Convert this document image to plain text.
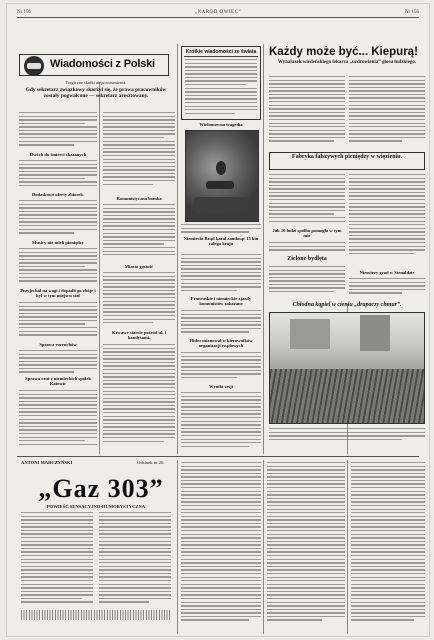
Nr 156	„NAROD OWIEC”	Nr 156
Wiadomości z Polski
Tragiczne skutki nieporozumienia.
Gdy sekretarz związkowy skarżył się, że prawa pracowników zostały pogwałcone — sekretarz aresztowany.
Dwóch do śmierci skazanych
Dodatkowe oferty zbiorek.
Musicy nie mieli pieniędzy
Przyjechał na wagi i dopadli go zbóje i był w tym miejscu stał
Sprawa rozruchów
Sprawa rzut z niemieckich spółek Katowic
Komunistyczna bomba
Miasto gęstość
Krwawe starcie pośród ul. i bandytami.
Krótkie wiadomości ze świata
Wielomowna tragedia
Niemiecki Rząd kazał zamknąć 15 kin całego kraju
Francuskie i niemieckie zjazdy komunistów zakazane
Hitler mianował w kierowników organizacji rządowych
Wyniki sesji
Każdy może być... Kiepurą!
Wynalazek wiedeńskiego lekarza „uzdrowienia” głosu ludzkiego.
Fabryka fałszywych pieniędzy w więzieniu.
Jak 10 ludzi spółka pomogła w tym mie
Zielone bydlęta
Nieostrzy grad w Stenaldzie
Chłodna kąpiel w cieniu „drapaczy chmur”.
ANTONI MARCZYŃSKI	Odcinek nr 20.
„Gaz 303”
POWIEŚĆ SENSACYJNO-HUMORYSTYCZNA
